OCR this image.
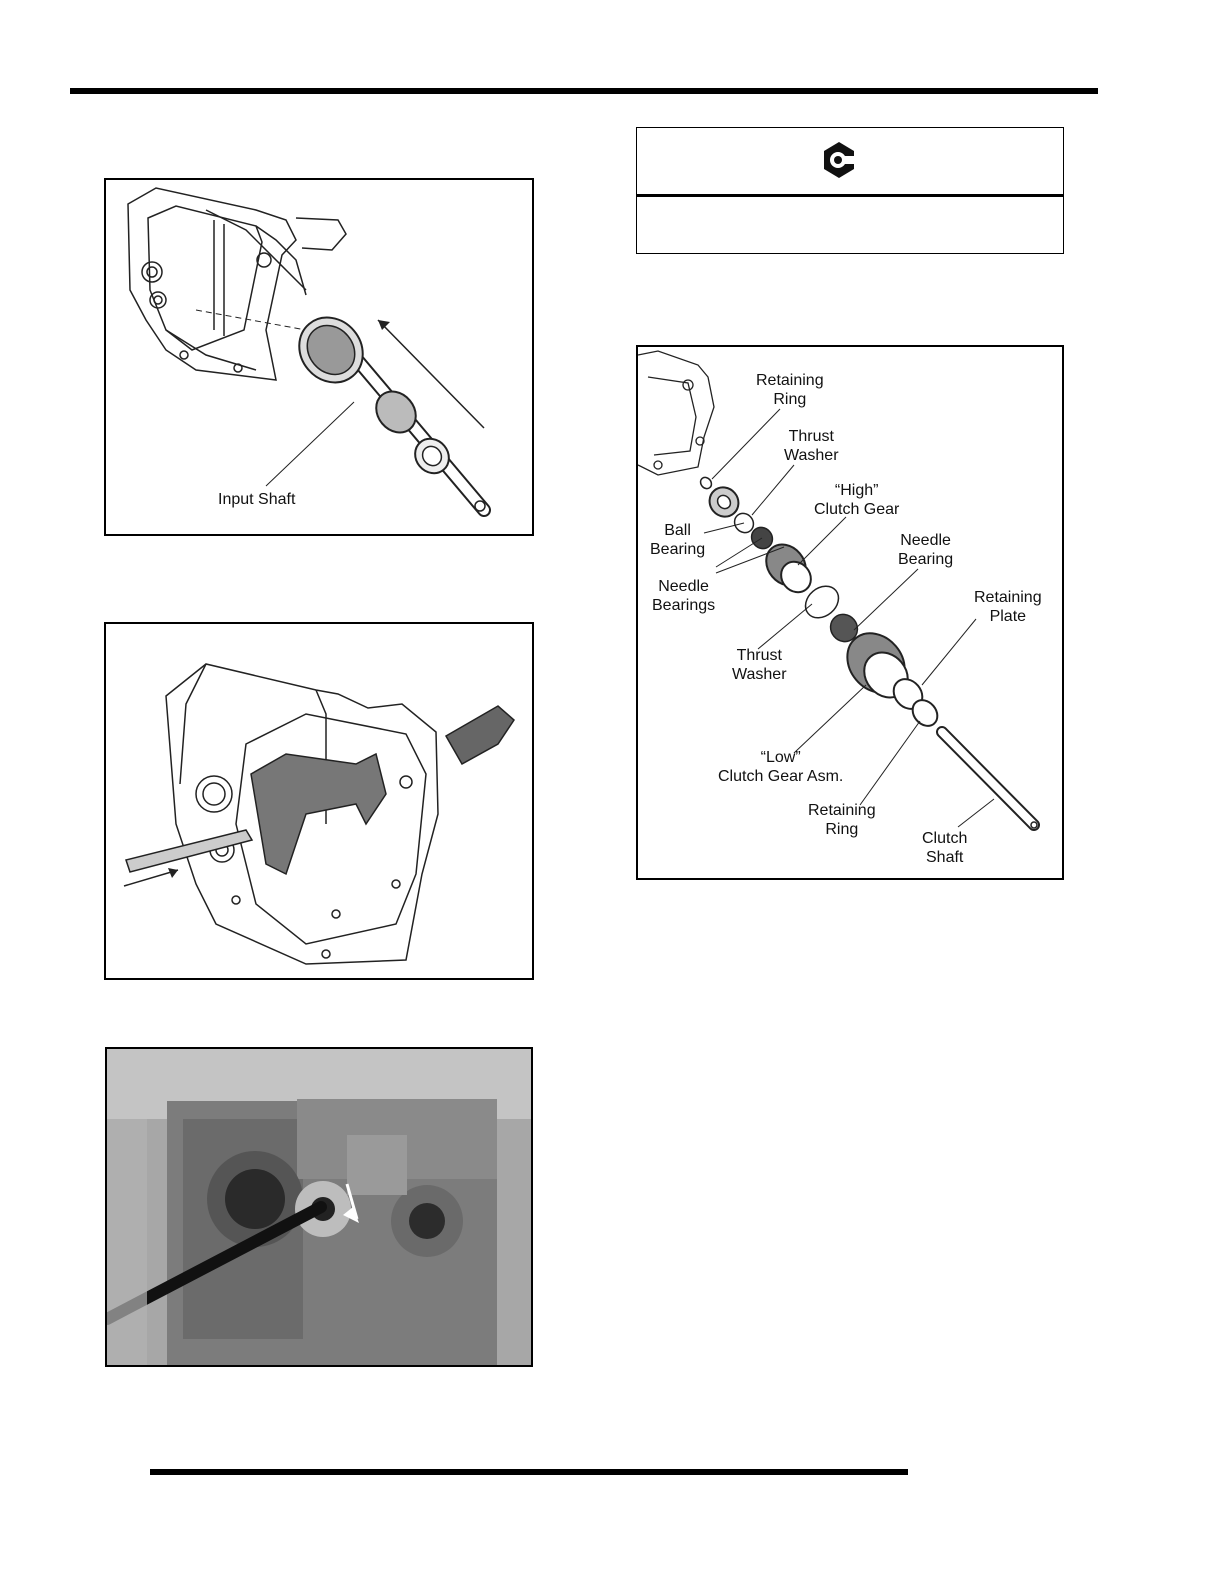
Input Shaft
Retaining
Ring
Thrust
Washer
“High”
Clutch Gear
Ball
Bearing
Needle
Bearing
Needle
Bearings	Retaining
Plate
Thrust
Washer
“Low”
Clutch Gear Asm.
Retaining
Ring
Clutch
Shaft
